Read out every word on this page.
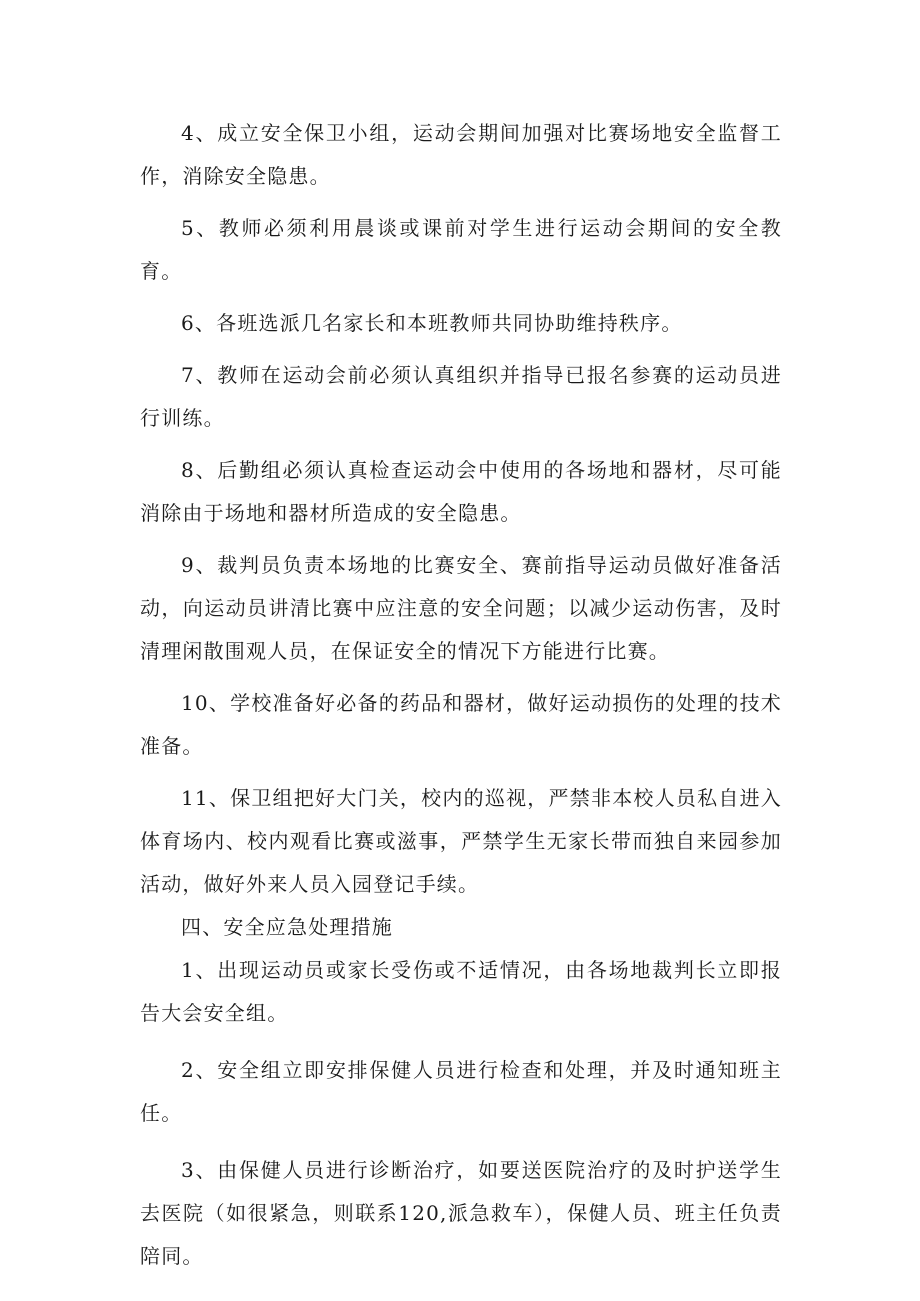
4、成立安全保卫小组，运动会期间加强对比赛场地安全监督工作，消除安全隐患。

5、教师必须利用晨谈或课前对学生进行运动会期间的安全教育。

6、各班选派几名家长和本班教师共同协助维持秩序。

7、教师在运动会前必须认真组织并指导已报名参赛的运动员进行训练。

8、后勤组必须认真检查运动会中使用的各场地和器材，尽可能消除由于场地和器材所造成的安全隐患。

9、裁判员负责本场地的比赛安全、赛前指导运动员做好准备活动，向运动员讲清比赛中应注意的安全问题；以减少运动伤害，及时清理闲散围观人员，在保证安全的情况下方能进行比赛。

10、学校准备好必备的药品和器材，做好运动损伤的处理的技术准备。

11、保卫组把好大门关，校内的巡视，严禁非本校人员私自进入体育场内、校内观看比赛或滋事，严禁学生无家长带而独自来园参加活动，做好外来人员入园登记手续。

四、安全应急处理措施

1、出现运动员或家长受伤或不适情况，由各场地裁判长立即报告大会安全组。

2、安全组立即安排保健人员进行检查和处理，并及时通知班主任。

3、由保健人员进行诊断治疗，如要送医院治疗的及时护送学生去医院（如很紧急，则联系120,派急救车），保健人员、班主任负责陪同。
